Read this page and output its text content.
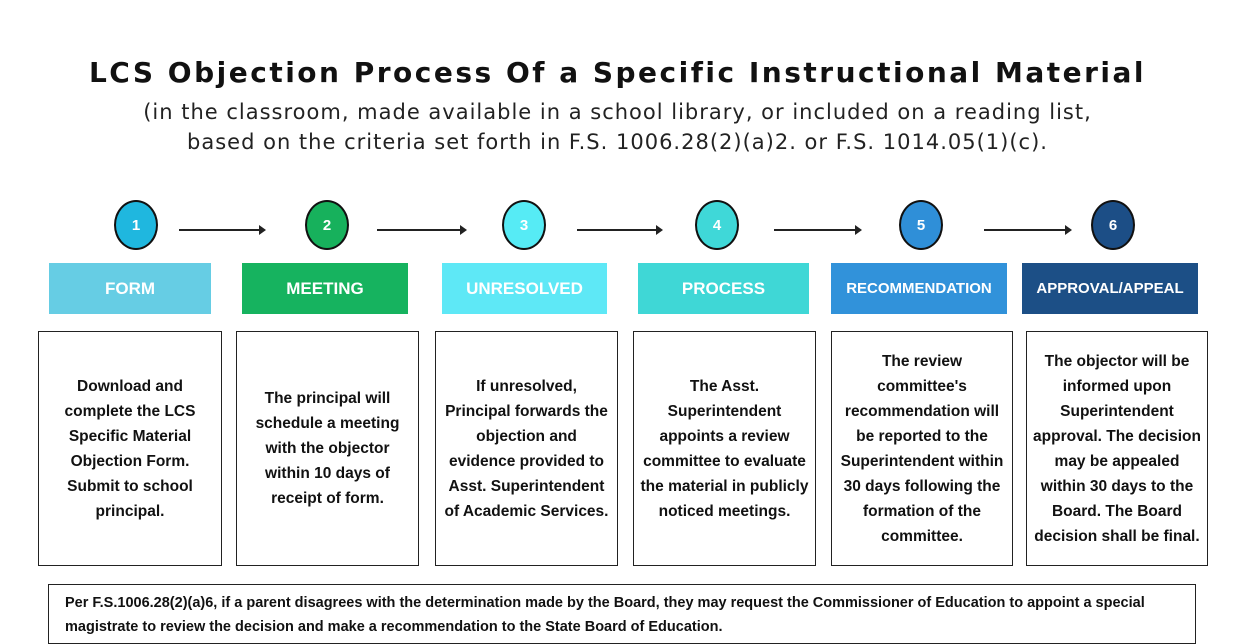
LCS Objection Process Of a Specific Instructional Material
(in the classroom, made available in a school library, or included on a reading list,
based on the criteria set forth in F.S. 1006.28(2)(a)2. or F.S. 1014.05(1)(c).
1
FORM
Download and complete the LCS Specific Material Objection Form. Submit to school principal.
2
MEETING
The principal will schedule a meeting with the objector within 10 days of receipt of form.
3
UNRESOLVED
If unresolved, Principal forwards the objection and evidence provided to Asst. Superintendent of Academic Services.
4
PROCESS
The Asst. Superintendent appoints a review committee to evaluate the material in publicly noticed meetings.
5
RECOMMENDATION
The review committee's recommendation will be reported to the Superintendent within 30 days following the formation of the committee.
6
APPROVAL/APPEAL
The objector will be informed upon Superintendent approval. The decision may be appealed within 30 days to the Board. The Board decision shall be final.
Per F.S.1006.28(2)(a)6, if a parent disagrees with the determination made by the Board, they may request the Commissioner of Education to appoint a special magistrate to review the decision and make a recommendation to the State Board of Education.
